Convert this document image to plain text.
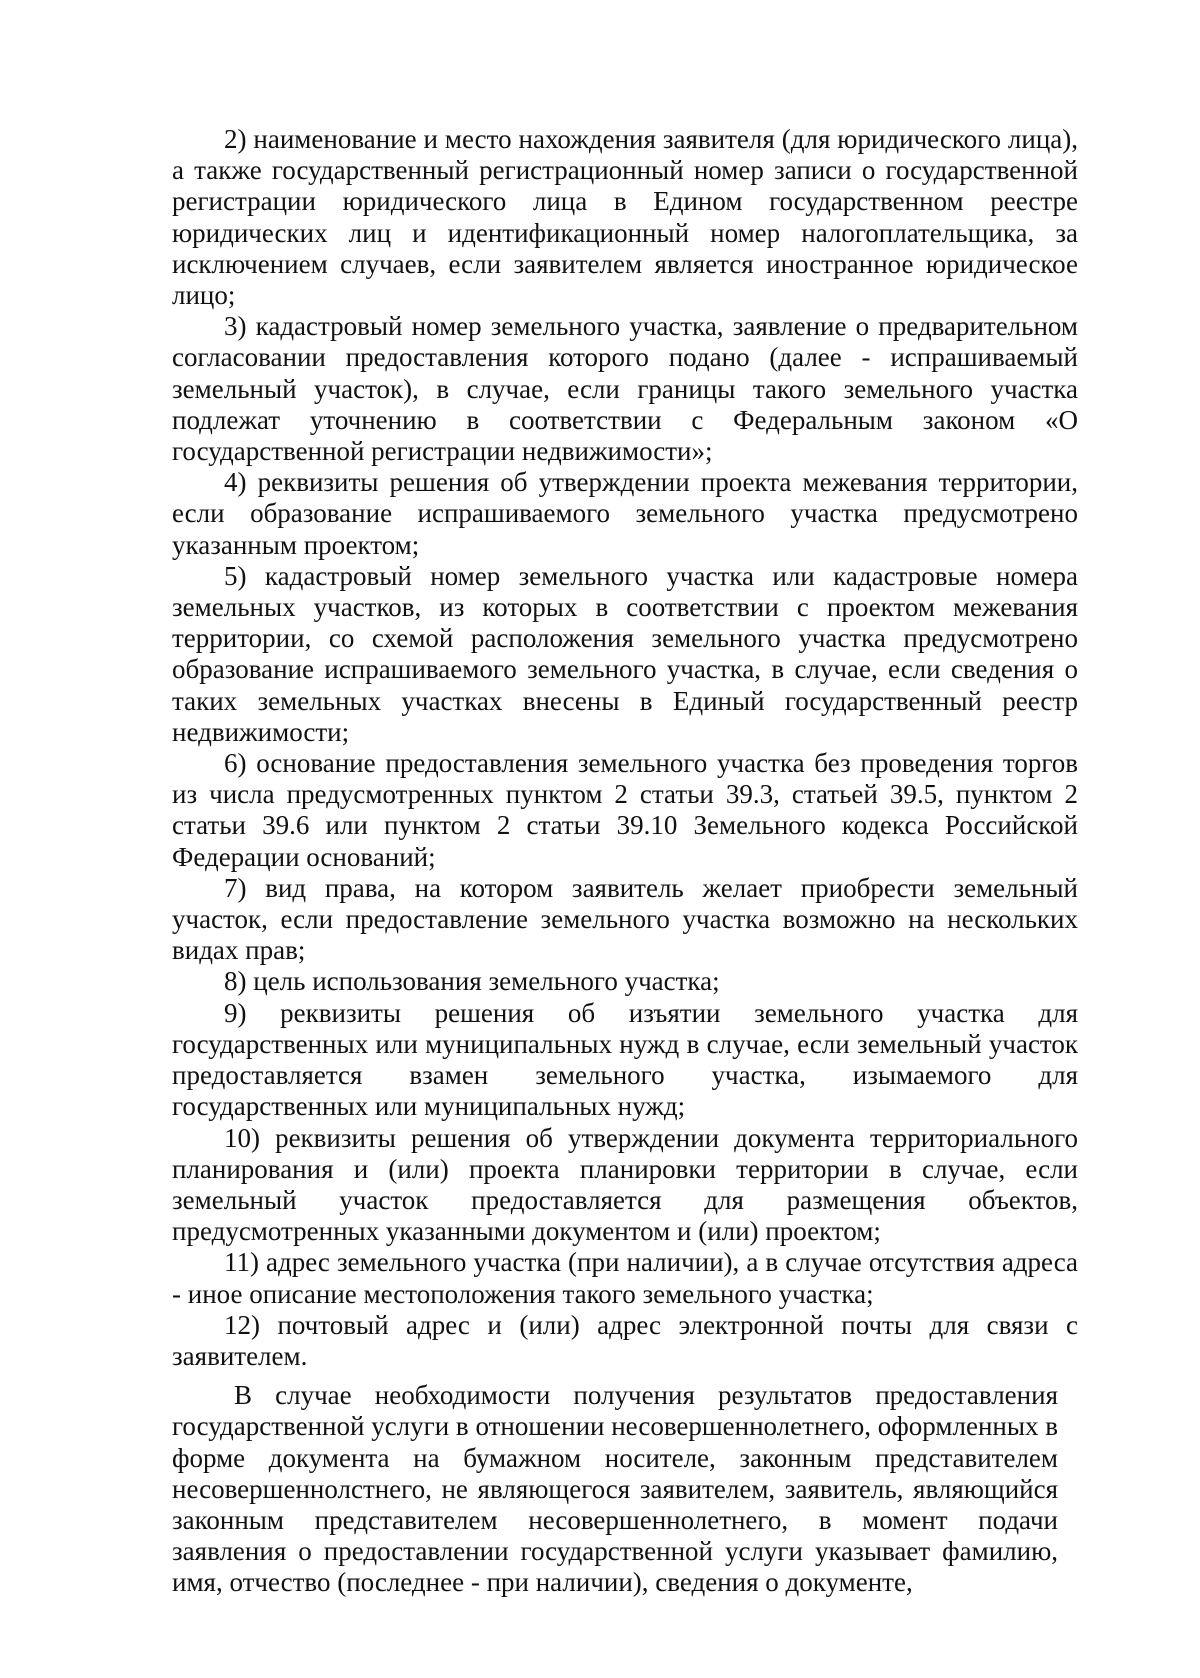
2) наименование и место нахождения заявителя (для юридического лица), а также государственный регистрационный номер записи о государственной регистрации юридического лица в Едином государственном реестре юридических лиц и идентификационный номер налогоплательщика, за исключением случаев, если заявителем является иностранное юридическое лицо;

3) кадастровый номер земельного участка, заявление о предварительном согласовании предоставления которого подано (далее - испрашиваемый земельный участок), в случае, если границы такого земельного участка подлежат уточнению в соответствии с Федеральным законом «О государственной регистрации недвижимости»;

4) реквизиты решения об утверждении проекта межевания территории, если образование испрашиваемого земельного участка предусмотрено указанным проектом;

5) кадастровый номер земельного участка или кадастровые номера земельных участков, из которых в соответствии с проектом межевания территории, со схемой расположения земельного участка предусмотрено образование испрашиваемого земельного участка, в случае, если сведения о таких земельных участках внесены в Единый государственный реестр недвижимости;

6) основание предоставления земельного участка без проведения торгов из числа предусмотренных пунктом 2 статьи 39.3, статьей 39.5, пунктом 2 статьи 39.6 или пунктом 2 статьи 39.10 Земельного кодекса Российской Федерации оснований;

7) вид права, на котором заявитель желает приобрести земельный участок, если предоставление земельного участка возможно на нескольких видах прав;

8) цель использования земельного участка;

9) реквизиты решения об изъятии земельного участка для государственных или муниципальных нужд в случае, если земельный участок предоставляется взамен земельного участка, изымаемого для государственных или муниципальных нужд;

10) реквизиты решения об утверждении документа территориального планирования и (или) проекта планировки территории в случае, если земельный участок предоставляется для размещения объектов, предусмотренных указанными документом и (или) проектом;

11) адрес земельного участка (при наличии), а в случае отсутствия адреса - иное описание местоположения такого земельного участка;

12) почтовый адрес и (или) адрес электронной почты для связи с заявителем.

В случае необходимости получения результатов предоставления государственной услуги в отношении несовершеннолетнего, оформленных в форме документа на бумажном носителе, законным представителем несовершеннолстнего, не являющегося заявителем, заявитель, являющийся законным представителем несовершеннолетнего, в момент подачи заявления о предоставлении государственной услуги указывает фамилию, имя, отчество (последнее - при наличии), сведения о документе,
